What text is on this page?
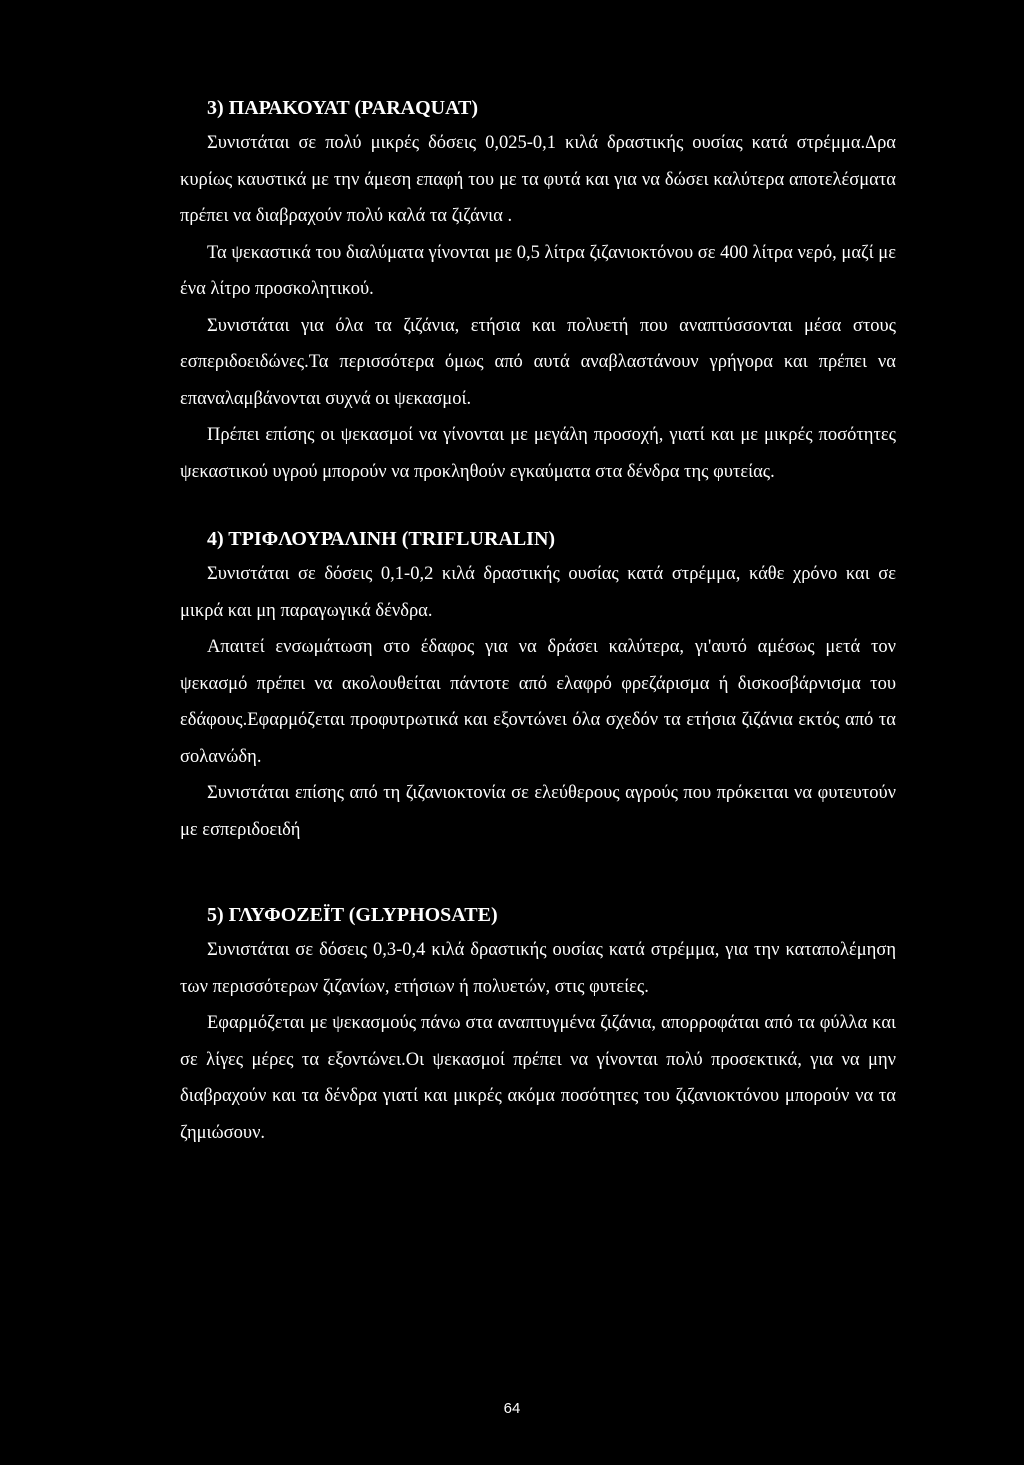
3) ΠΑΡΑΚΟΥΑΤ (PARAQUAT)

Συνιστάται σε πολύ μικρές δόσεις 0,025-0,1 κιλά δραστικής ουσίας κατά στρέμμα.Δρα κυρίως καυστικά με την άμεση επαφή του με τα φυτά και για να δώσει καλύτερα αποτελέσματα πρέπει να διαβραχούν πολύ καλά τα ζιζάνια .

Τα ψεκαστικά του διαλύματα γίνονται με 0,5 λίτρα ζιζανιοκτόνου σε 400 λίτρα νερό, μαζί με ένα λίτρο προσκολητικού.

Συνιστάται για όλα τα ζιζάνια, ετήσια και πολυετή που αναπτύσσονται μέσα στους εσπεριδοειδώνες.Τα περισσότερα όμως από αυτά αναβλαστάνουν γρήγορα και πρέπει να επαναλαμβάνονται συχνά οι ψεκασμοί.

Πρέπει επίσης οι ψεκασμοί να γίνονται με μεγάλη προσοχή, γιατί και με μικρές ποσότητες ψεκαστικού υγρού μπορούν να προκληθούν εγκαύματα στα δένδρα της φυτείας.

4) ΤΡΙΦΛΟΥΡΑΛΙΝΗ (TRIFLURALIN)

Συνιστάται σε δόσεις 0,1-0,2 κιλά δραστικής ουσίας κατά στρέμμα, κάθε χρόνο και σε μικρά και μη παραγωγικά δένδρα.

Απαιτεί ενσωμάτωση στο έδαφος για να δράσει καλύτερα, γι'αυτό αμέσως μετά τον ψεκασμό πρέπει να ακολουθείται πάντοτε από ελαφρό φρεζάρισμα ή δισκοσβάρνισμα του εδάφους.Εφαρμόζεται προφυτρωτικά και εξοντώνει όλα σχεδόν τα ετήσια ζιζάνια εκτός από τα σολανώδη.

Συνιστάται επίσης από τη ζιζανιοκτονία σε ελεύθερους αγρούς που πρόκειται να φυτευτούν με εσπεριδοειδή

5) ΓΛΥΦΟΖΕΪΤ (GLYPHOSATE)

Συνιστάται σε δόσεις 0,3-0,4 κιλά δραστικής ουσίας κατά στρέμμα, για την καταπολέμηση των περισσότερων ζιζανίων, ετήσιων ή πολυετών, στις φυτείες.

Εφαρμόζεται με ψεκασμούς πάνω στα αναπτυγμένα ζιζάνια, απορροφάται από τα φύλλα και σε λίγες μέρες τα εξοντώνει.Οι ψεκασμοί πρέπει να γίνονται πολύ προσεκτικά, για να μην διαβραχούν και τα δένδρα γιατί και μικρές ακόμα ποσότητες του ζιζανιοκτόνου μπορούν να τα ζημιώσουν.

64
